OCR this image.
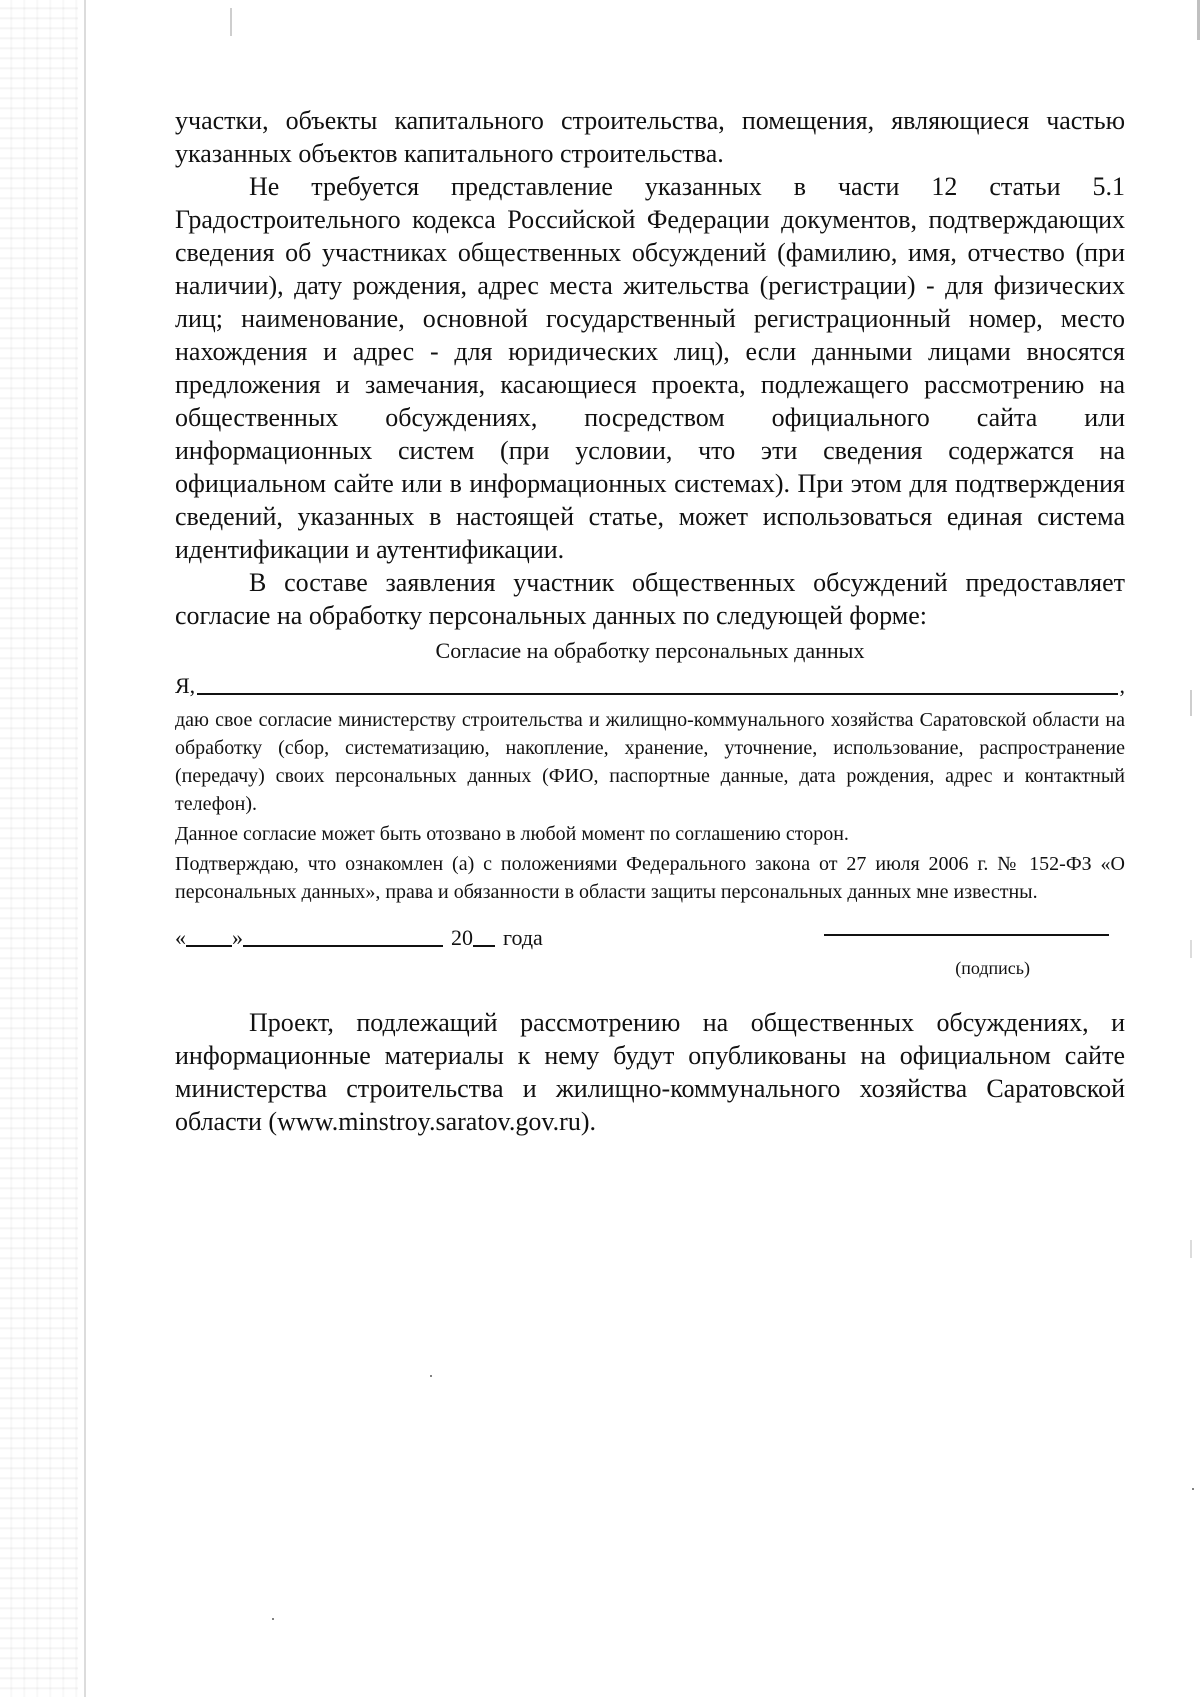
участки, объекты капитального строительства, помещения, являющиеся частью указанных объектов капитального строительства.

Не требуется представление указанных в части 12 статьи 5.1 Градостроительного кодекса Российской Федерации документов, подтверждающих сведения об участниках общественных обсуждений (фамилию, имя, отчество (при наличии), дату рождения, адрес места жительства (регистрации) - для физических лиц; наименование, основной государственный регистрационный номер, место нахождения и адрес - для юридических лиц), если данными лицами вносятся предложения и замечания, касающиеся проекта, подлежащего рассмотрению на общественных обсуждениях, посредством официального сайта или информационных систем (при условии, что эти сведения содержатся на официальном сайте или в информационных системах). При этом для подтверждения сведений, указанных в настоящей статье, может использоваться единая система идентификации и аутентификации.

В составе заявления участник общественных обсуждений предоставляет согласие на обработку персональных данных по следующей форме:

Согласие на обработку персональных данных
Я,	,

даю свое согласие министерству строительства и жилищно-коммунального хозяйства Саратовской области на обработку (сбор, систематизацию, накопление, хранение, уточнение, использование, распространение (передачу) своих персональных данных (ФИО, паспортные данные, дата рождения, адрес и контактный телефон).

Данное согласие может быть отозвано в любой момент по соглашению сторон.

Подтверждаю, что ознакомлен (а) с положениями Федерального закона от 27 июля 2006 г. № 152-ФЗ «О персональных данных», права и обязанности в области защиты персональных данных мне известны.

« »	20 года
(подпись)

Проект, подлежащий рассмотрению на общественных обсуждениях, и информационные материалы к нему будут опубликованы на официальном сайте министерства строительства и жилищно-коммунального хозяйства Саратовской области (www.minstroy.saratov.gov.ru).
